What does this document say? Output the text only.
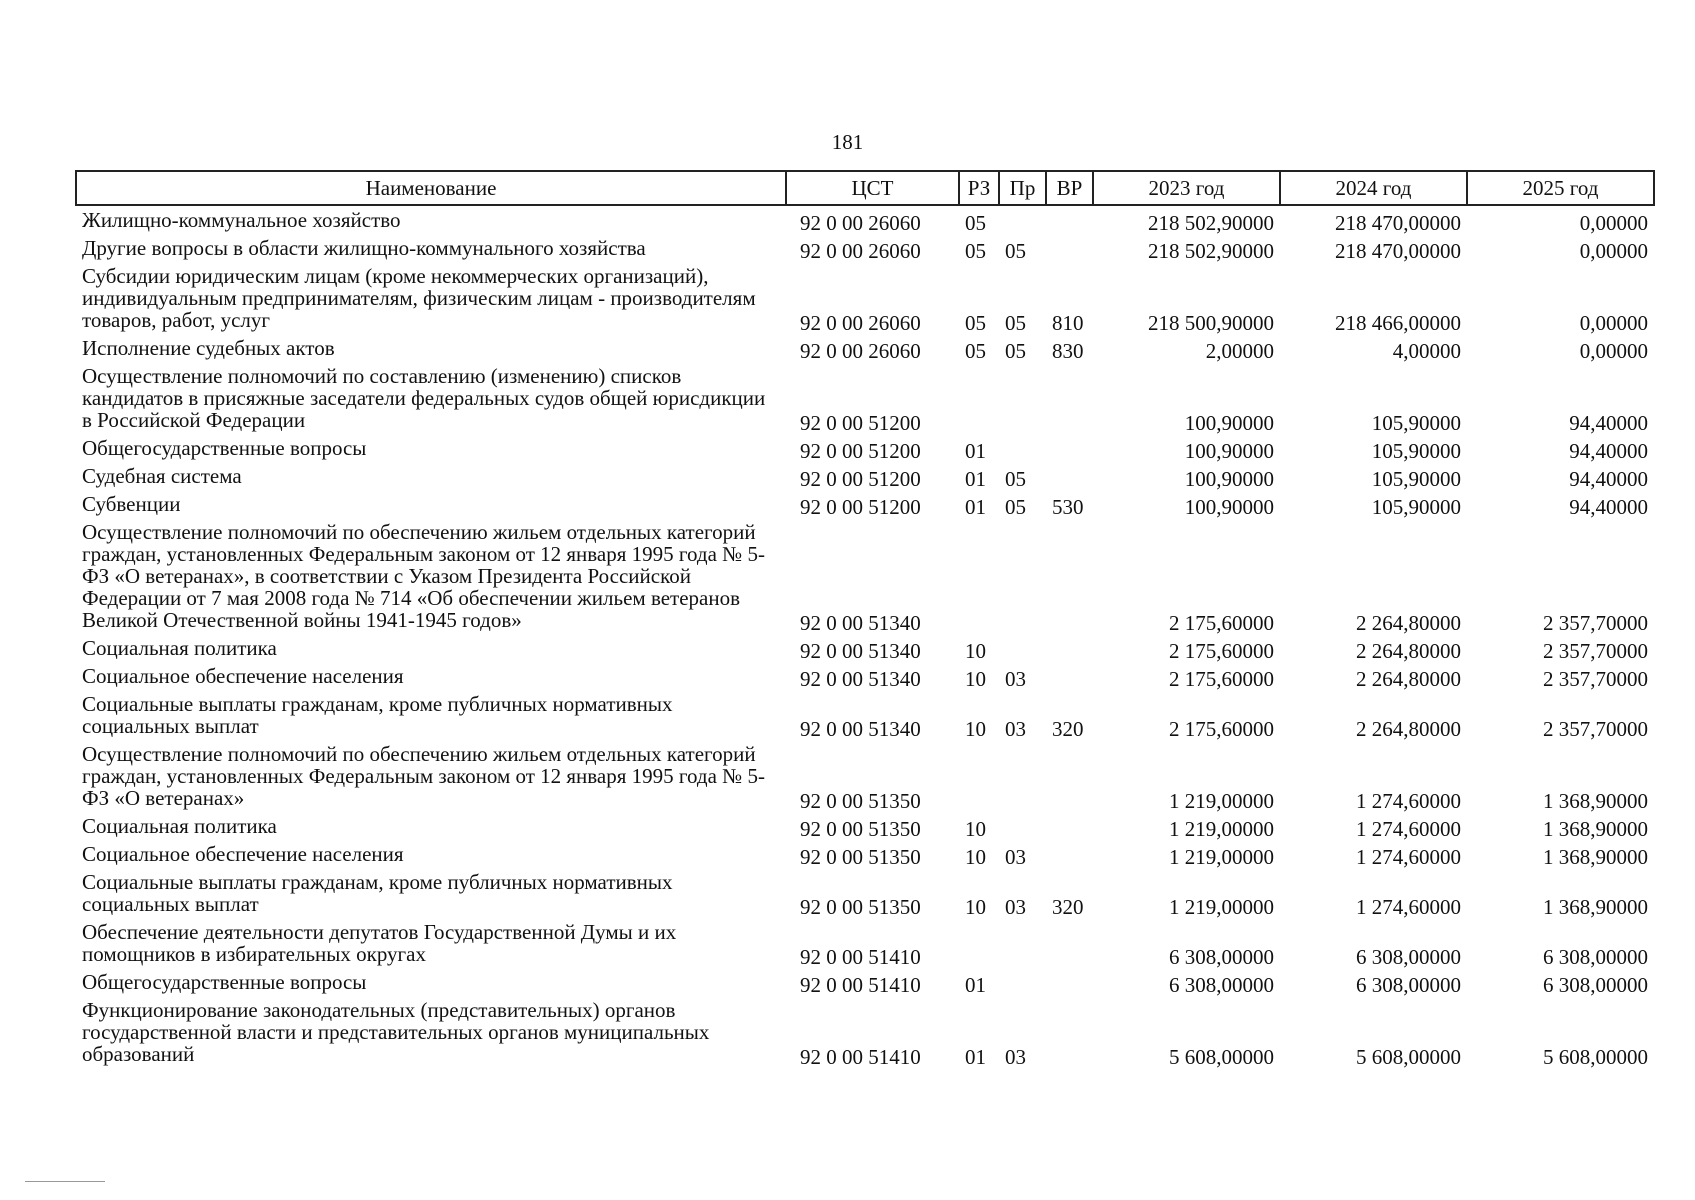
181
Наименование	ЦСТ	РЗ	Пр	ВР	2023 год	2024 год	2025 год
Жилищно-коммунальное хозяйство	92 0 00 26060	05			218 502,90000	218 470,00000	0,00000
Другие вопросы в области жилищно-коммунального хозяйства	92 0 00 26060	05	05		218 502,90000	218 470,00000	0,00000
Субсидии юридическим лицам (кроме некоммерческих организаций), индивидуальным предпринимателям, физическим лицам - производителям товаров, работ, услуг	92 0 00 26060	05	05	810	218 500,90000	218 466,00000	0,00000
Исполнение судебных актов	92 0 00 26060	05	05	830	2,00000	4,00000	0,00000
Осуществление полномочий по составлению (изменению) списков кандидатов в присяжные заседатели федеральных судов общей юрисдикции в Российской Федерации	92 0 00 51200				100,90000	105,90000	94,40000
Общегосударственные вопросы	92 0 00 51200	01			100,90000	105,90000	94,40000
Судебная система	92 0 00 51200	01	05		100,90000	105,90000	94,40000
Субвенции	92 0 00 51200	01	05	530	100,90000	105,90000	94,40000
Осуществление полномочий по обеспечению жильем отдельных категорий граждан, установленных Федеральным законом от 12 января 1995 года № 5-ФЗ «О ветеранах», в соответствии с Указом Президента Российской Федерации от 7 мая 2008 года № 714 «Об обеспечении жильем ветеранов Великой Отечественной войны 1941-1945 годов»	92 0 00 51340				2 175,60000	2 264,80000	2 357,70000
Социальная политика	92 0 00 51340	10			2 175,60000	2 264,80000	2 357,70000
Социальное обеспечение населения	92 0 00 51340	10	03		2 175,60000	2 264,80000	2 357,70000
Социальные выплаты гражданам, кроме публичных нормативных социальных выплат	92 0 00 51340	10	03	320	2 175,60000	2 264,80000	2 357,70000
Осуществление полномочий по обеспечению жильем отдельных категорий граждан, установленных Федеральным законом от 12 января 1995 года № 5-ФЗ «О ветеранах»	92 0 00 51350				1 219,00000	1 274,60000	1 368,90000
Социальная политика	92 0 00 51350	10			1 219,00000	1 274,60000	1 368,90000
Социальное обеспечение населения	92 0 00 51350	10	03		1 219,00000	1 274,60000	1 368,90000
Социальные выплаты гражданам, кроме публичных нормативных социальных выплат	92 0 00 51350	10	03	320	1 219,00000	1 274,60000	1 368,90000
Обеспечение деятельности депутатов Государственной Думы и их помощников в избирательных округах	92 0 00 51410				6 308,00000	6 308,00000	6 308,00000
Общегосударственные вопросы	92 0 00 51410	01			6 308,00000	6 308,00000	6 308,00000
Функционирование законодательных (представительных) органов государственной власти и представительных органов муниципальных образований	92 0 00 51410	01	03		5 608,00000	5 608,00000	5 608,00000
